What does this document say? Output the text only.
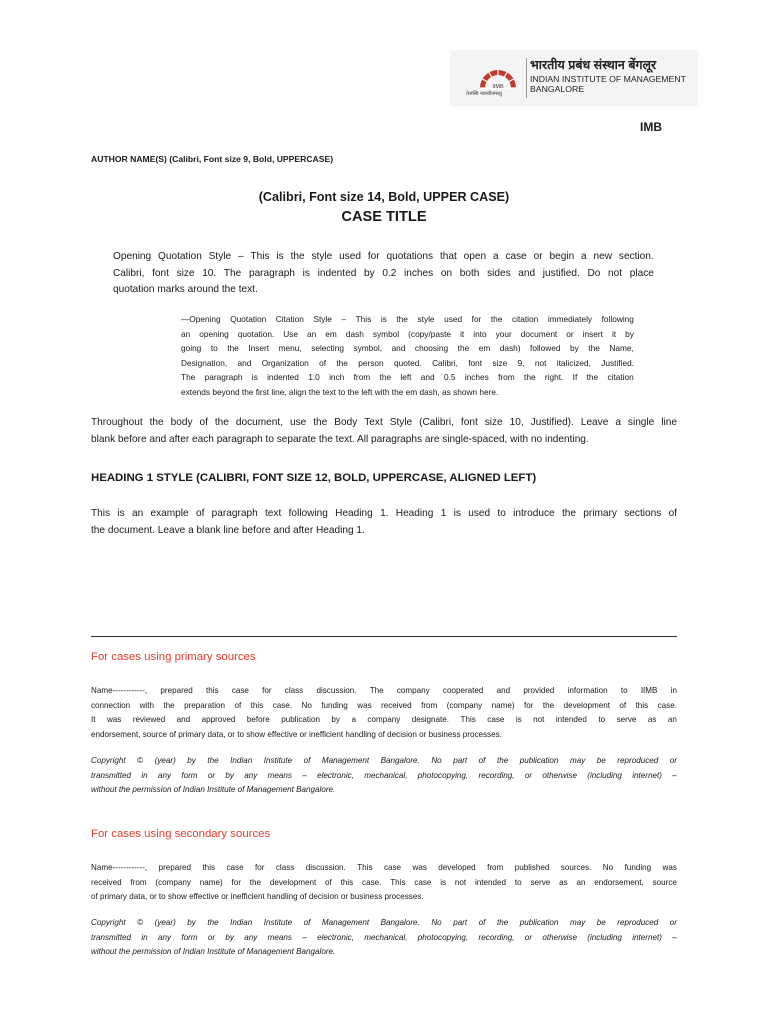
IIMB
तेजस्वि नावधीतमस्तु
भारतीय प्रबंध संस्थान बेंगलूर
INDIAN INSTITUTE OF MANAGEMENT
BANGALORE
IMB
AUTHOR NAME(S) (Calibri, Font size 9, Bold, UPPERCASE)
(Calibri, Font size 14, Bold, UPPER CASE)
CASE TITLE
Opening Quotation Style – This is the style used for quotations that open a case or begin a new section.
Calibri, font size 10. The paragraph is indented by 0.2 inches on both sides and justified. Do not place
quotation marks around the text.
—Opening Quotation Citation Style – This is the style used for the citation immediately following
an opening quotation. Use an em dash symbol (copy/paste it into your document or insert it by
going to the Insert menu, selecting symbol, and choosing the em dash) followed by the Name,
Designation, and Organization of the person quoted. Calibri, font size 9, not italicized, Justified.
The paragraph is indented 1.0 inch from the left and 0.5 inches from the right. If the citation
extends beyond the first line, align the text to the left with the em dash, as shown here.
Throughout the body of the document, use the Body Text Style (Calibri, font size 10, Justified). Leave a single line
blank before and after each paragraph to separate the text. All paragraphs are single-spaced, with no indenting.
HEADING 1 STYLE (CALIBRI, FONT SIZE 12, BOLD, UPPERCASE, ALIGNED LEFT)
This is an example of paragraph text following Heading 1. Heading 1 is used to introduce the primary sections of
the document. Leave a blank line before and after Heading 1.
For cases using primary sources
Name------------, prepared this case for class discussion. The company cooperated and provided information to IIMB in
connection with the preparation of this case. No funding was received from (company name) for the development of this case.
It was reviewed and approved before publication by a company designate. This case is not intended to serve as an
endorsement, source of primary data, or to show effective or inefficient handling of decision or business processes.
Copyright © (year) by the Indian Institute of Management Bangalore. No part of the publication may be reproduced or
transmitted in any form or by any means – electronic, mechanical, photocopying, recording, or otherwise (including internet) –
without the permission of Indian Institute of Management Bangalore.
For cases using secondary sources
Name------------, prepared this case for class discussion. This case was developed from published sources. No funding was
received from (company name) for the development of this case. This case is not intended to serve as an endorsement, source
of primary data, or to show effective or inefficient handling of decision or business processes.
Copyright © (year) by the Indian Institute of Management Bangalore. No part of the publication may be reproduced or
transmitted in any form or by any means – electronic, mechanical, photocopying, recording, or otherwise (including internet) –
without the permission of Indian Institute of Management Bangalore.
